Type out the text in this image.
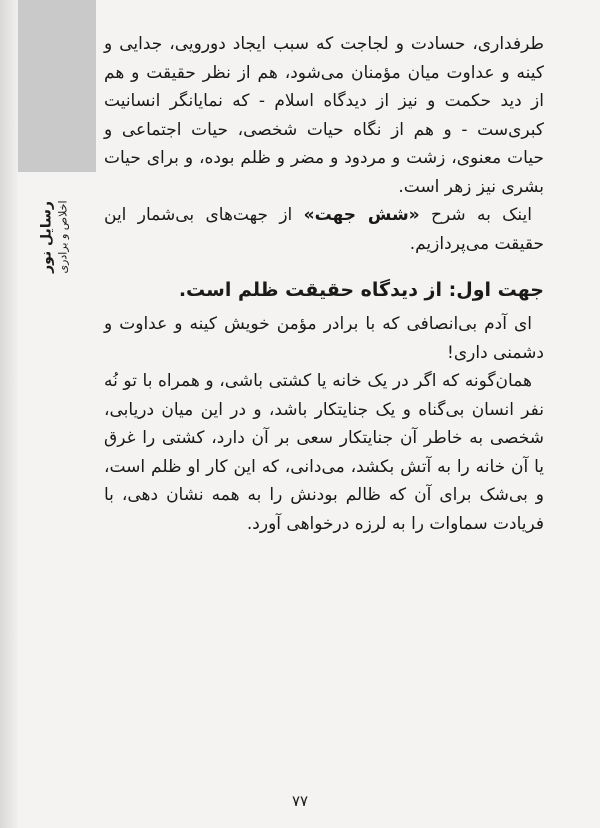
رسایل نور اخلاص و برادری

طرفداری، حسادت و لجاجت که سبب ایجاد دورویی، جدایی و کینه و عداوت میان مؤمنان می‌شود، هم از نظر حقیقت و هم از دید حکمت و نیز از دیدگاه اسلام - که نمایانگر انسانیت کبری‌ست - و هم از نگاه حیات شخصی، حیات اجتماعی و حیات معنوی، زشت و مردود و مضر و ظلم بوده، و برای حیات بشری نیز زهر است.

اینک به شرح «شش جهت» از جهت‌های بی‌شمار این حقیقت می‌پردازیم.

جهت اول: از دیدگاه حقیقت ظلم است.

ای آدم بی‌انصافی که با برادر مؤمن خویش کینه و عداوت و دشمنی داری!

همان‌گونه که اگر در یک خانه یا کشتی باشی، و همراه با تو نُه نفر انسان بی‌گناه و یک جنایتکار باشد، و در این میان دریابی، شخصی به خاطر آن جنایتکار سعی بر آن دارد، کشتی را غرق یا آن خانه را به آتش بکشد، می‌دانی، که این کار او ظلم است، و بی‌شک برای آن که ظالم بودنش را به همه نشان دهی، با فریادت سماوات را به لرزه درخواهی آورد.

۷۷
